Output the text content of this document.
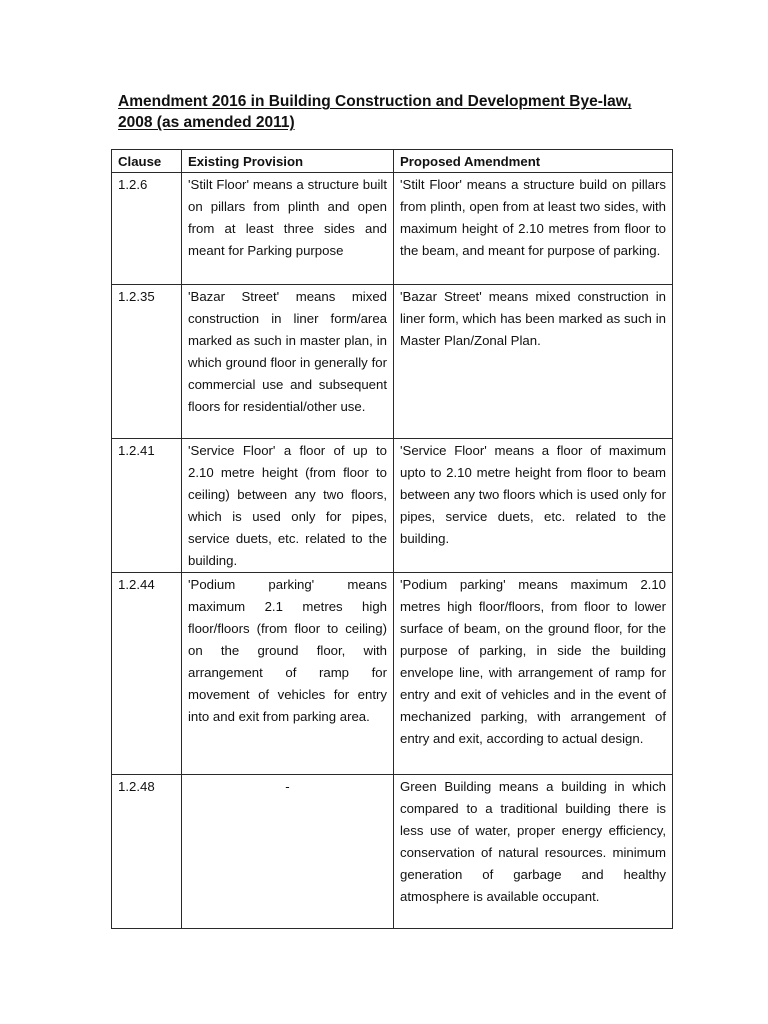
Amendment 2016 in Building Construction and Development Bye-law, 2008 (as amended 2011)
Clause	Existing Provision	Proposed Amendment
1.2.6	'Stilt Floor' means a structure built on pillars from plinth and open from at least three sides and meant for Parking purpose	'Stilt Floor' means a structure build on pillars from plinth, open from at least two sides, with maximum height of 2.10 metres from floor to the beam, and meant for purpose of parking.
1.2.35	'Bazar Street' means mixed construction in liner form/area marked as such in master plan, in which ground floor in generally for commercial use and subsequent floors for residential/other use.	'Bazar Street' means mixed construction in liner form, which has been marked as such in Master Plan/Zonal Plan.
1.2.41	'Service Floor' a floor of up to 2.10 metre height (from floor to ceiling) between any two floors, which is used only for pipes, service duets, etc. related to the building.	'Service Floor' means a floor of maximum upto to 2.10 metre height from floor to beam between any two floors which is used only for pipes, service duets, etc. related to the building.
1.2.44	'Podium parking' means maximum 2.1 metres high floor/floors (from floor to ceiling) on the ground floor, with arrangement of ramp for movement of vehicles for entry into and exit from parking area.	'Podium parking' means maximum 2.10 metres high floor/floors, from floor to lower surface of beam, on the ground floor, for the purpose of parking, in side the building envelope line, with arrangement of ramp for entry and exit of vehicles and in the event of mechanized parking, with arrangement of entry and exit, according to actual design.
1.2.48	-	Green Building means a building in which compared to a traditional building there is less use of water, proper energy efficiency, conservation of natural resources. minimum generation of garbage and healthy atmosphere is available occupant.
